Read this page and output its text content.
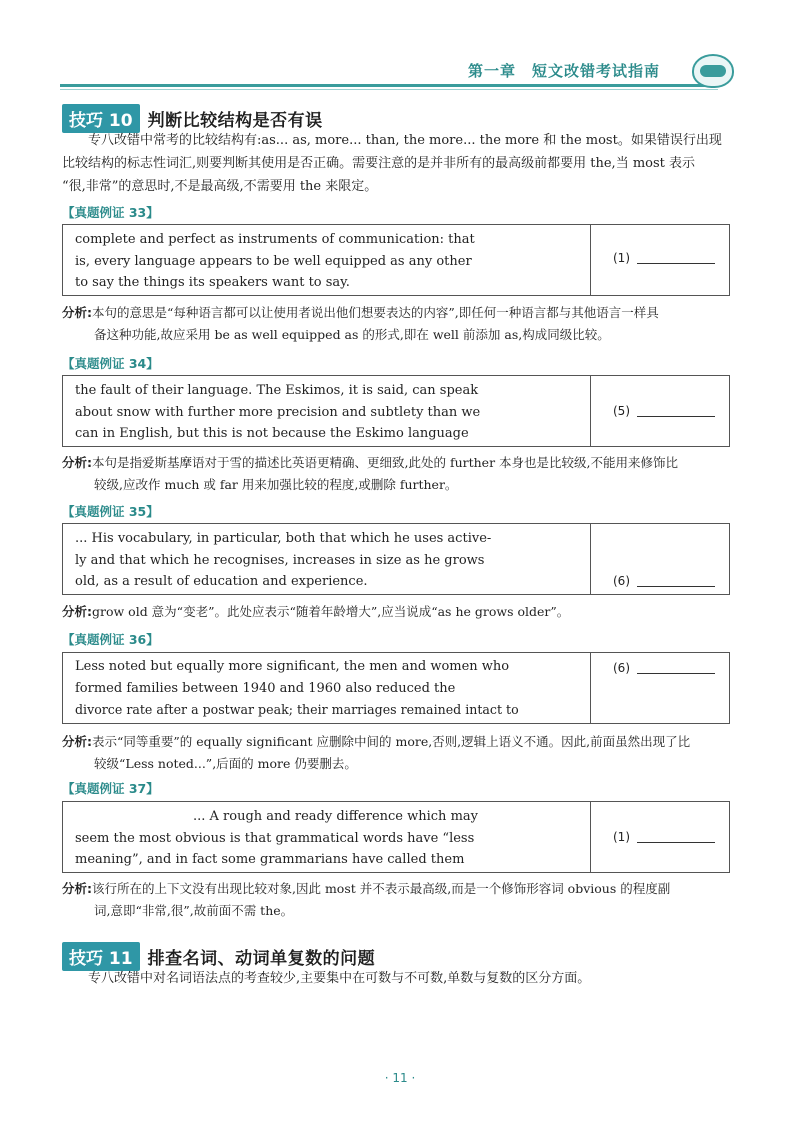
第一章　短文改错考试指南
技巧 10 判断比较结构是否有误
专八改错中常考的比较结构有:as... as, more... than, the more... the more 和 the most。如果错误行出现
比较结构的标志性词汇,则要判断其使用是否正确。需要注意的是并非所有的最高级前都要用 the,当 most 表示
“很,非常”的意思时,不是最高级,不需要用 the 来限定。
【真题例证 33】
complete and perfect as instruments of communication: that
is, every language appears to be well equipped as any other
to say the things its speakers want to say.
(1)
分析:本句的意思是“每种语言都可以让使用者说出他们想要表达的内容”,即任何一种语言都与其他语言一样具
备这种功能,故应采用 be as well equipped as 的形式,即在 well 前添加 as,构成同级比较。
【真题例证 34】
the fault of their language. The Eskimos, it is said, can speak
about snow with further more precision and subtlety than we
can in English, but this is not because the Eskimo language
(5)
分析:本句是指爱斯基摩语对于雪的描述比英语更精确、更细致,此处的 further 本身也是比较级,不能用来修饰比
较级,应改作 much 或 far 用来加强比较的程度,或删除 further。
【真题例证 35】
... His vocabulary, in particular, both that which he uses active-
ly and that which he recognises, increases in size as he grows
old, as a result of education and experience.	(6)
分析:grow old 意为“变老”。此处应表示“随着年龄增大”,应当说成“as he grows older”。
【真题例证 36】
Less noted but equally more significant, the men and women who
formed families between 1940 and 1960 also reduced the
divorce rate after a postwar peak; their marriages remained intact to
(6)
分析:表示“同等重要”的 equally significant 应删除中间的 more,否则,逻辑上语义不通。因此,前面虽然出现了比
较级“Less noted...”,后面的 more 仍要删去。
【真题例证 37】
... A rough and ready difference which may
seem the most obvious is that grammatical words have “less
meaning”, and in fact some grammarians have called them
(1)
分析:该行所在的上下文没有出现比较对象,因此 most 并不表示最高级,而是一个修饰形容词 obvious 的程度副
词,意即“非常,很”,故前面不需 the。
技巧 11 排查名词、动词单复数的问题
专八改错中对名词语法点的考查较少,主要集中在可数与不可数,单数与复数的区分方面。
· 11 ·
